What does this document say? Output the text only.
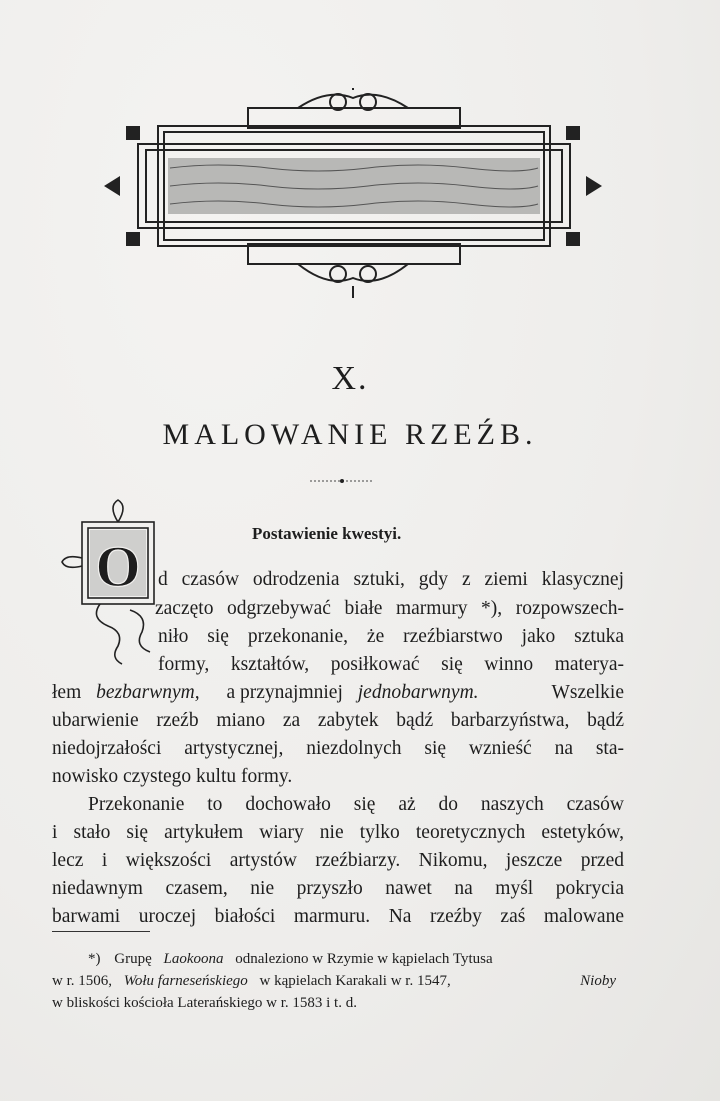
X.
MALOWANIE RZEŹB.
O
Postawienie kwestyi.
d czasów odrodzenia sztuki, gdy z ziemi klasycznej
zaczęto odgrzebywać białe marmury *), rozpowszech-
niło się przekonanie, że rzeźbiarstwo jako sztuka
formy, kształtów, posiłkować się winno materya-
łem bezbarwnym, a przynajmniej jednobarwnym.	Wszelkie
ubarwienie rzeźb miano za zabytek bądź barbarzyństwa, bądź
niedojrzałości artystycznej, niezdolnych się wznieść na sta-
nowisko czystego kultu formy.
Przekonanie to dochowało się aż do naszych czasów
i stało się artykułem wiary nie tylko teoretycznych estetyków,
lecz i większości artystów rzeźbiarzy. Nikomu, jeszcze przed
niedawnym czasem, nie przyszło nawet na myśl pokrycia
barwami uroczej białości marmuru. Na rzeźby zaś malowane
*) Grupę Laokoona odnaleziono w Rzymie w kąpielach Tytusa
w r. 1506, Wołu farneseńskiego w kąpielach Karakali w r. 1547,	Nioby
w bliskości kościoła Laterańskiego w r. 1583 i t. d.
